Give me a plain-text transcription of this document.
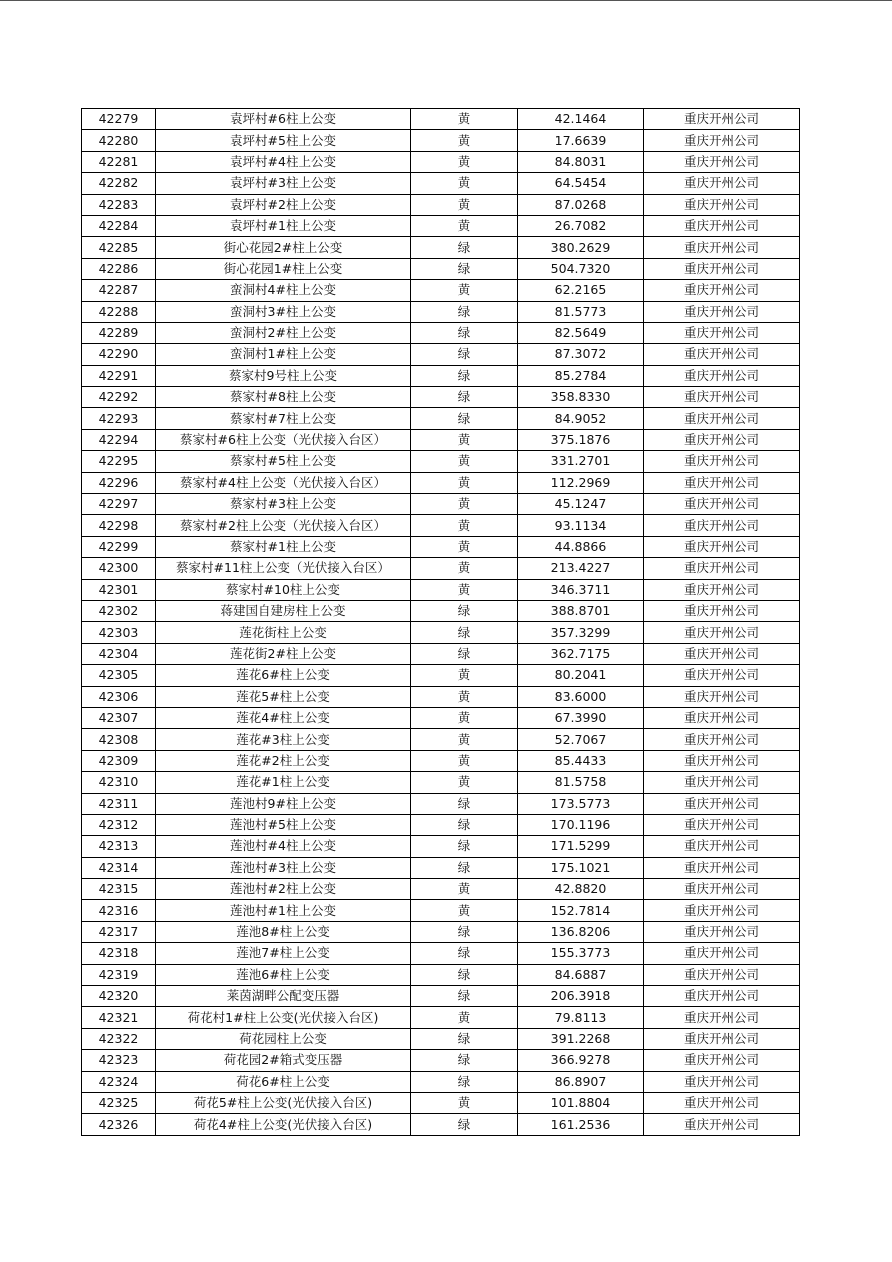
42279	袁坪村#6柱上公变	黄	42.1464	重庆开州公司
42280	袁坪村#5柱上公变	黄	17.6639	重庆开州公司
42281	袁坪村#4柱上公变	黄	84.8031	重庆开州公司
42282	袁坪村#3柱上公变	黄	64.5454	重庆开州公司
42283	袁坪村#2柱上公变	黄	87.0268	重庆开州公司
42284	袁坪村#1柱上公变	黄	26.7082	重庆开州公司
42285	街心花园2#柱上公变	绿	380.2629	重庆开州公司
42286	街心花园1#柱上公变	绿	504.7320	重庆开州公司
42287	蛮洞村4#柱上公变	黄	62.2165	重庆开州公司
42288	蛮洞村3#柱上公变	绿	81.5773	重庆开州公司
42289	蛮洞村2#柱上公变	绿	82.5649	重庆开州公司
42290	蛮洞村1#柱上公变	绿	87.3072	重庆开州公司
42291	蔡家村9号柱上公变	绿	85.2784	重庆开州公司
42292	蔡家村#8柱上公变	绿	358.8330	重庆开州公司
42293	蔡家村#7柱上公变	绿	84.9052	重庆开州公司
42294	蔡家村#6柱上公变（光伏接入台区）	黄	375.1876	重庆开州公司
42295	蔡家村#5柱上公变	黄	331.2701	重庆开州公司
42296	蔡家村#4柱上公变（光伏接入台区）	黄	112.2969	重庆开州公司
42297	蔡家村#3柱上公变	黄	45.1247	重庆开州公司
42298	蔡家村#2柱上公变（光伏接入台区）	黄	93.1134	重庆开州公司
42299	蔡家村#1柱上公变	黄	44.8866	重庆开州公司
42300	蔡家村#11柱上公变（光伏接入台区）	黄	213.4227	重庆开州公司
42301	蔡家村#10柱上公变	黄	346.3711	重庆开州公司
42302	蒋建国自建房柱上公变	绿	388.8701	重庆开州公司
42303	莲花街柱上公变	绿	357.3299	重庆开州公司
42304	莲花街2#柱上公变	绿	362.7175	重庆开州公司
42305	莲花6#柱上公变	黄	80.2041	重庆开州公司
42306	莲花5#柱上公变	黄	83.6000	重庆开州公司
42307	莲花4#柱上公变	黄	67.3990	重庆开州公司
42308	莲花#3柱上公变	黄	52.7067	重庆开州公司
42309	莲花#2柱上公变	黄	85.4433	重庆开州公司
42310	莲花#1柱上公变	黄	81.5758	重庆开州公司
42311	莲池村9#柱上公变	绿	173.5773	重庆开州公司
42312	莲池村#5柱上公变	绿	170.1196	重庆开州公司
42313	莲池村#4柱上公变	绿	171.5299	重庆开州公司
42314	莲池村#3柱上公变	绿	175.1021	重庆开州公司
42315	莲池村#2柱上公变	黄	42.8820	重庆开州公司
42316	莲池村#1柱上公变	黄	152.7814	重庆开州公司
42317	莲池8#柱上公变	绿	136.8206	重庆开州公司
42318	莲池7#柱上公变	绿	155.3773	重庆开州公司
42319	莲池6#柱上公变	绿	84.6887	重庆开州公司
42320	莱茵湖畔公配变压器	绿	206.3918	重庆开州公司
42321	荷花村1#柱上公变(光伏接入台区)	黄	79.8113	重庆开州公司
42322	荷花园柱上公变	绿	391.2268	重庆开州公司
42323	荷花园2#箱式变压器	绿	366.9278	重庆开州公司
42324	荷花6#柱上公变	绿	86.8907	重庆开州公司
42325	荷花5#柱上公变(光伏接入台区)	黄	101.8804	重庆开州公司
42326	荷花4#柱上公变(光伏接入台区)	绿	161.2536	重庆开州公司
